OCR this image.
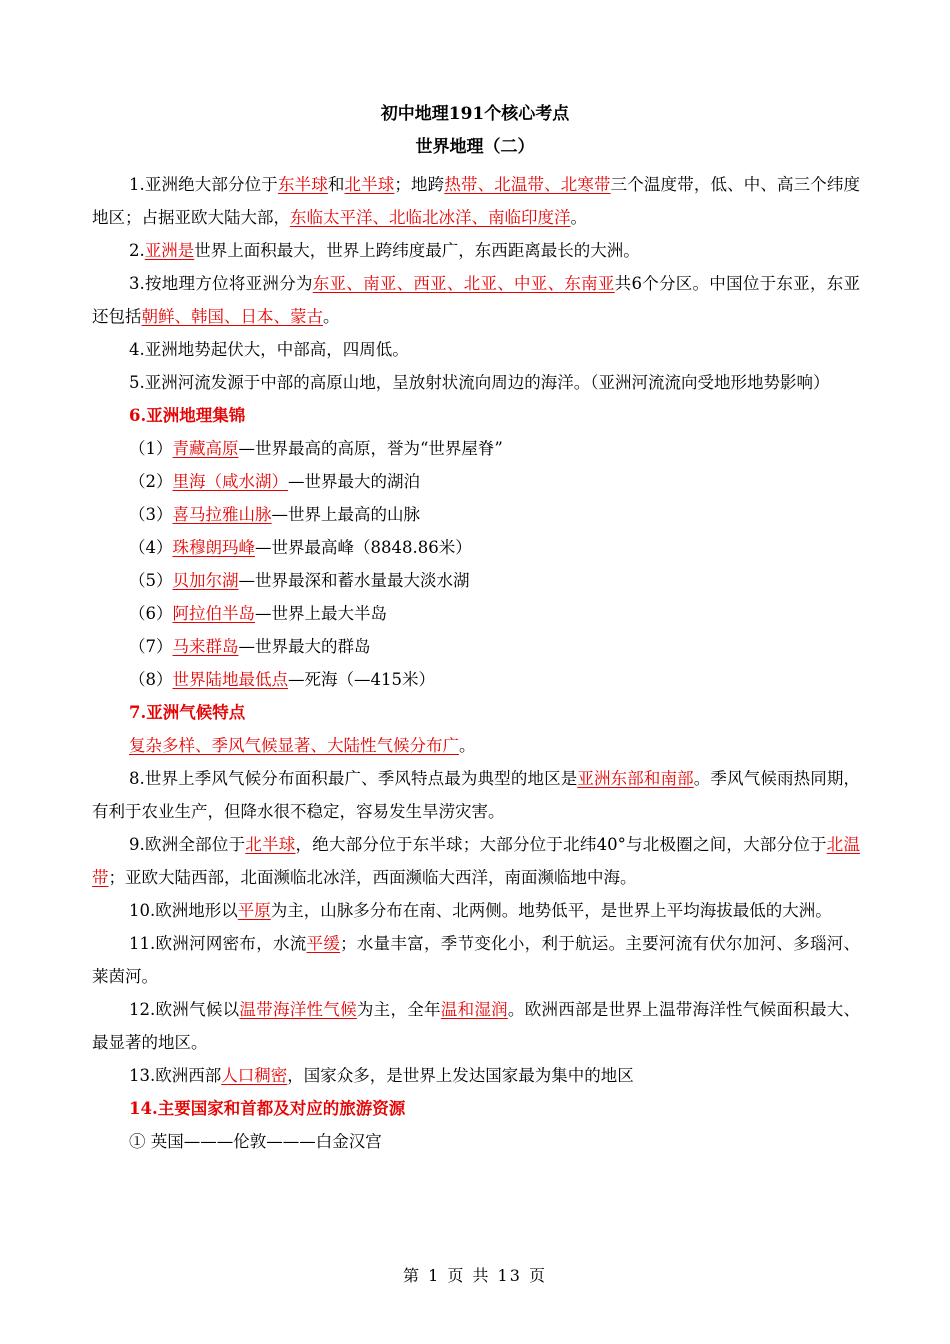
初中地理191个核心考点
世界地理（二）

1.亚洲绝大部分位于东半球和北半球；地跨热带、北温带、北寒带三个温度带，低、中、高三个纬度地区；占据亚欧大陆大部，东临太平洋、北临北冰洋、南临印度洋。

2.亚洲是世界上面积最大，世界上跨纬度最广，东西距离最长的大洲。

3.按地理方位将亚洲分为东亚、南亚、西亚、北亚、中亚、东南亚共6个分区。中国位于东亚，东亚还包括朝鲜、韩国、日本、蒙古。

4.亚洲地势起伏大，中部高，四周低。

5.亚洲河流发源于中部的高原山地，呈放射状流向周边的海洋。（亚洲河流流向受地形地势影响）

6.亚洲地理集锦

（1）青藏高原—世界最高的高原，誉为“世界屋脊”

（2）里海（咸水湖）—世界最大的湖泊

（3）喜马拉雅山脉—世界上最高的山脉

（4）珠穆朗玛峰—世界最高峰（8848.86米）

（5）贝加尔湖—世界最深和蓄水量最大淡水湖

（6）阿拉伯半岛—世界上最大半岛

（7）马来群岛—世界最大的群岛

（8）世界陆地最低点—死海（—415米）

7.亚洲气候特点

复杂多样、季风气候显著、大陆性气候分布广。

8.世界上季风气候分布面积最广、季风特点最为典型的地区是亚洲东部和南部。季风气候雨热同期，有利于农业生产，但降水很不稳定，容易发生旱涝灾害。

9.欧洲全部位于北半球，绝大部分位于东半球；大部分位于北纬40°与北极圈之间，大部分位于北温带；亚欧大陆西部，北面濒临北冰洋，西面濒临大西洋，南面濒临地中海。

10.欧洲地形以平原为主，山脉多分布在南、北两侧。地势低平，是世界上平均海拔最低的大洲。

11.欧洲河网密布，水流平缓；水量丰富，季节变化小，利于航运。主要河流有伏尔加河、多瑙河、莱茵河。

12.欧洲气候以温带海洋性气候为主，全年温和湿润。欧洲西部是世界上温带海洋性气候面积最大、最显著的地区。

13.欧洲西部人口稠密，国家众多，是世界上发达国家最为集中的地区

14.主要国家和首都及对应的旅游资源

① 英国———伦敦———白金汉宫

第 1 页 共 13 页
